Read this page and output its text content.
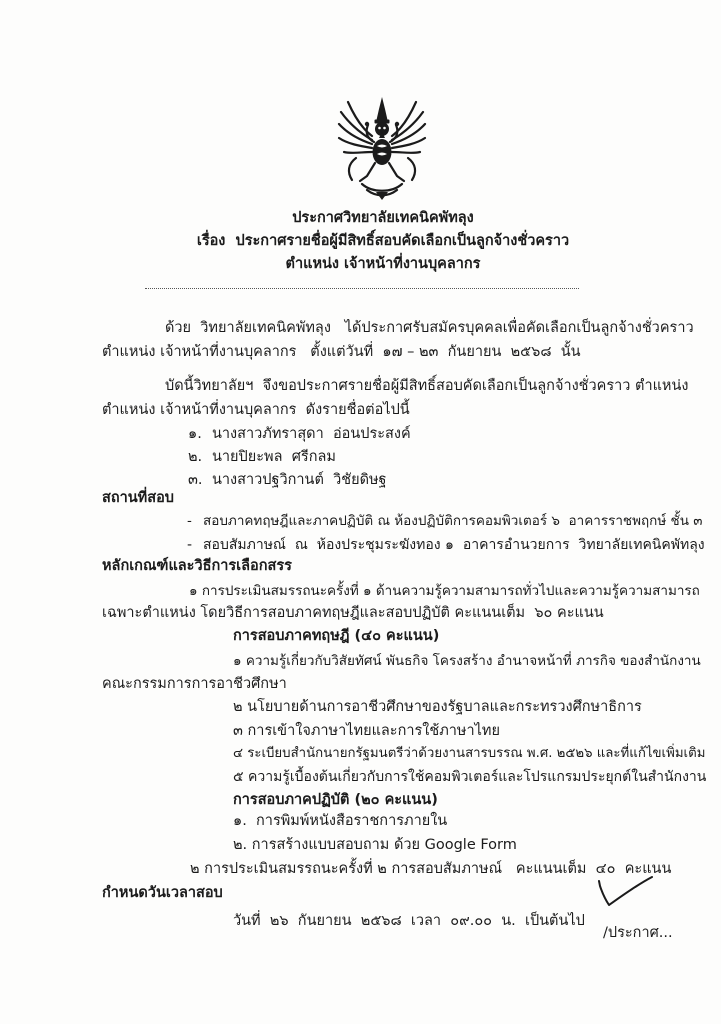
ประกาศวิทยาลัยเทคนิคพัทลุง
เรื่อง ประกาศรายชื่อผู้มีสิทธิ์สอบคัดเลือกเป็นลูกจ้างชั่วคราว
ตำแหน่ง เจ้าหน้าที่งานบุคลากร
ด้วย  วิทยาลัยเทคนิคพัทลุง   ได้ประกาศรับสมัครบุคคลเพื่อคัดเลือกเป็นลูกจ้างชั่วคราว
ตำแหน่ง เจ้าหน้าที่งานบุคลากร   ตั้งแต่วันที่  ๑๗ – ๒๓  กันยายน  ๒๕๖๘  นั้น
บัดนี้วิทยาลัยฯ  จึงขอประกาศรายชื่อผู้มีสิทธิ์สอบคัดเลือกเป็นลูกจ้างชั่วคราว ตำแหน่ง
ตำแหน่ง เจ้าหน้าที่งานบุคลากร  ดังรายชื่อต่อไปนี้
๑. นางสาวภัทราสุดา  อ่อนประสงค์
๒. นายปิยะพล  ศรีกลม
๓. นางสาวปฐวิกานต์  วิชัยดิษฐ
สถานที่สอบ
- สอบภาคทฤษฎีและภาคปฏิบัติ ณ ห้องปฏิบัติการคอมพิวเตอร์ ๖  อาคารราชพฤกษ์ ชั้น ๓
- สอบสัมภาษณ์  ณ  ห้องประชุมระฆังทอง ๑  อาคารอำนวยการ  วิทยาลัยเทคนิคพัทลุง
หลักเกณฑ์และวิธีการเลือกสรร
๑ การประเมินสมรรถนะครั้งที่ ๑ ด้านความรู้ความสามารถทั่วไปและความรู้ความสามารถ
เฉพาะตำแหน่ง โดยวิธีการสอบภาคทฤษฎีและสอบปฏิบัติ คะแนนเต็ม  ๖๐ คะแนน
การสอบภาคทฤษฎี (๔๐ คะแนน)
๑ ความรู้เกี่ยวกับวิสัยทัศน์ พันธกิจ โครงสร้าง อำนาจหน้าที่ ภารกิจ ของสำนักงาน
คณะกรรมการการอาชีวศึกษา
๒ นโยบายด้านการอาชีวศึกษาของรัฐบาลและกระทรวงศึกษาธิการ
๓ การเข้าใจภาษาไทยและการใช้ภาษาไทย
๔ ระเบียบสำนักนายกรัฐมนตรีว่าด้วยงานสารบรรณ พ.ศ. ๒๕๒๖ และที่แก้ไขเพิ่มเติม
๕ ความรู้เบื้องต้นเกี่ยวกับการใช้คอมพิวเตอร์และโปรแกรมประยุกต์ในสำนักงาน
การสอบภาคปฏิบัติ (๒๐ คะแนน)
๑.  การพิมพ์หนังสือราชการภายใน
๒. การสร้างแบบสอบถาม ด้วย Google Form
๒ การประเมินสมรรถนะครั้งที่ ๒ การสอบสัมภาษณ์   คะแนนเต็ม  ๔๐  คะแนน
กำหนดวันเวลาสอบ
วันที่  ๒๖  กันยายน  ๒๕๖๘  เวลา  ๐๙.๐๐  น.  เป็นต้นไป
/ประกาศ...
